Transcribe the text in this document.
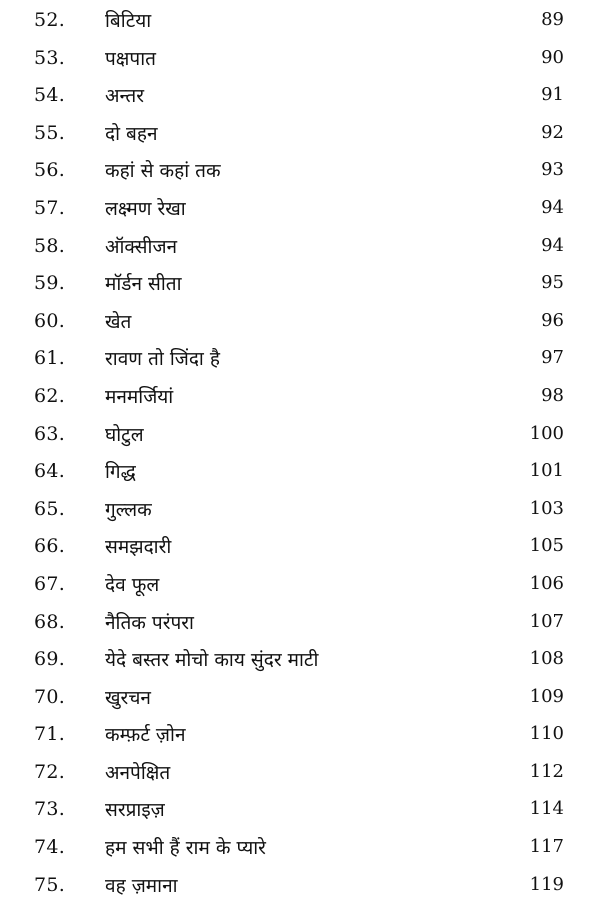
52. बिटिया	89
53. पक्षपात	90
54. अन्तर	91
55. दो बहन	92
56. कहां से कहां तक	93
57. लक्ष्मण रेखा	94
58. ऑक्सीजन	94
59. मॉर्डन सीता	95
60. खेत	96
61. रावण तो जिंदा है	97
62. मनमर्जियां	98
63. घोटुल	100
64. गिद्ध	101
65. गुल्लक	103
66. समझदारी	105
67. देव फूल	106
68. नैतिक परंपरा	107
69. येदे बस्तर मोचो काय सुंदर माटी	108
70. खुरचन	109
71. कम्फ़र्ट ज़ोन	110
72. अनपेक्षित	112
73. सरप्राइज़	114
74. हम सभी हैं राम के प्यारे	117
75. वह ज़माना	119
